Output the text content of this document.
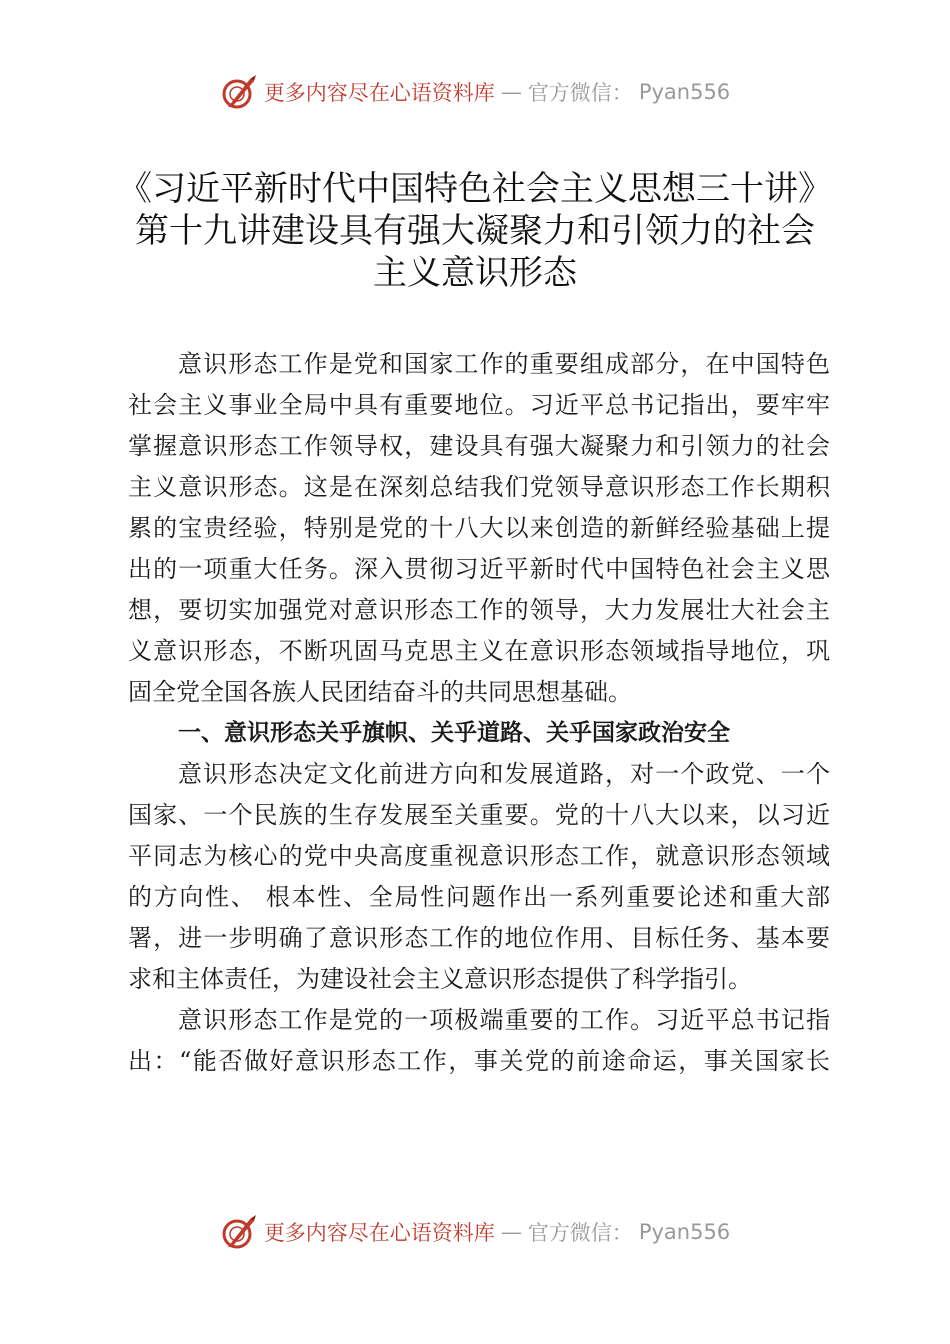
更多内容尽在心语资料库 — 官方微信： Pyan556
《习近平新时代中国特色社会主义思想三十讲》
第十九讲建设具有强大凝聚力和引领力的社会
主义意识形态
意识形态工作是党和国家工作的重要组成部分，在中国特色
社会主义事业全局中具有重要地位。习近平总书记指出，要牢牢
掌握意识形态工作领导权，建设具有强大凝聚力和引领力的社会
主义意识形态。这是在深刻总结我们党领导意识形态工作长期积
累的宝贵经验，特别是党的十八大以来创造的新鲜经验基础上提
出的一项重大任务。深入贯彻习近平新时代中国特色社会主义思
想，要切实加强党对意识形态工作的领导，大力发展壮大社会主
义意识形态，不断巩固马克思主义在意识形态领域指导地位，巩
固全党全国各族人民团结奋斗的共同思想基础。
一、意识形态关乎旗帜、关乎道路、关乎国家政治安全
意识形态决定文化前进方向和发展道路，对一个政党、一个
国家、一个民族的生存发展至关重要。党的十八大以来，以习近
平同志为核心的党中央高度重视意识形态工作，就意识形态领域
的方向性、 根本性、全局性问题作出一系列重要论述和重大部
署，进一步明确了意识形态工作的地位作用、目标任务、基本要
求和主体责任，为建设社会主义意识形态提供了科学指引。
意识形态工作是党的一项极端重要的工作。习近平总书记指
出：“能否做好意识形态工作，事关党的前途命运，事关国家长
更多内容尽在心语资料库 — 官方微信： Pyan556
